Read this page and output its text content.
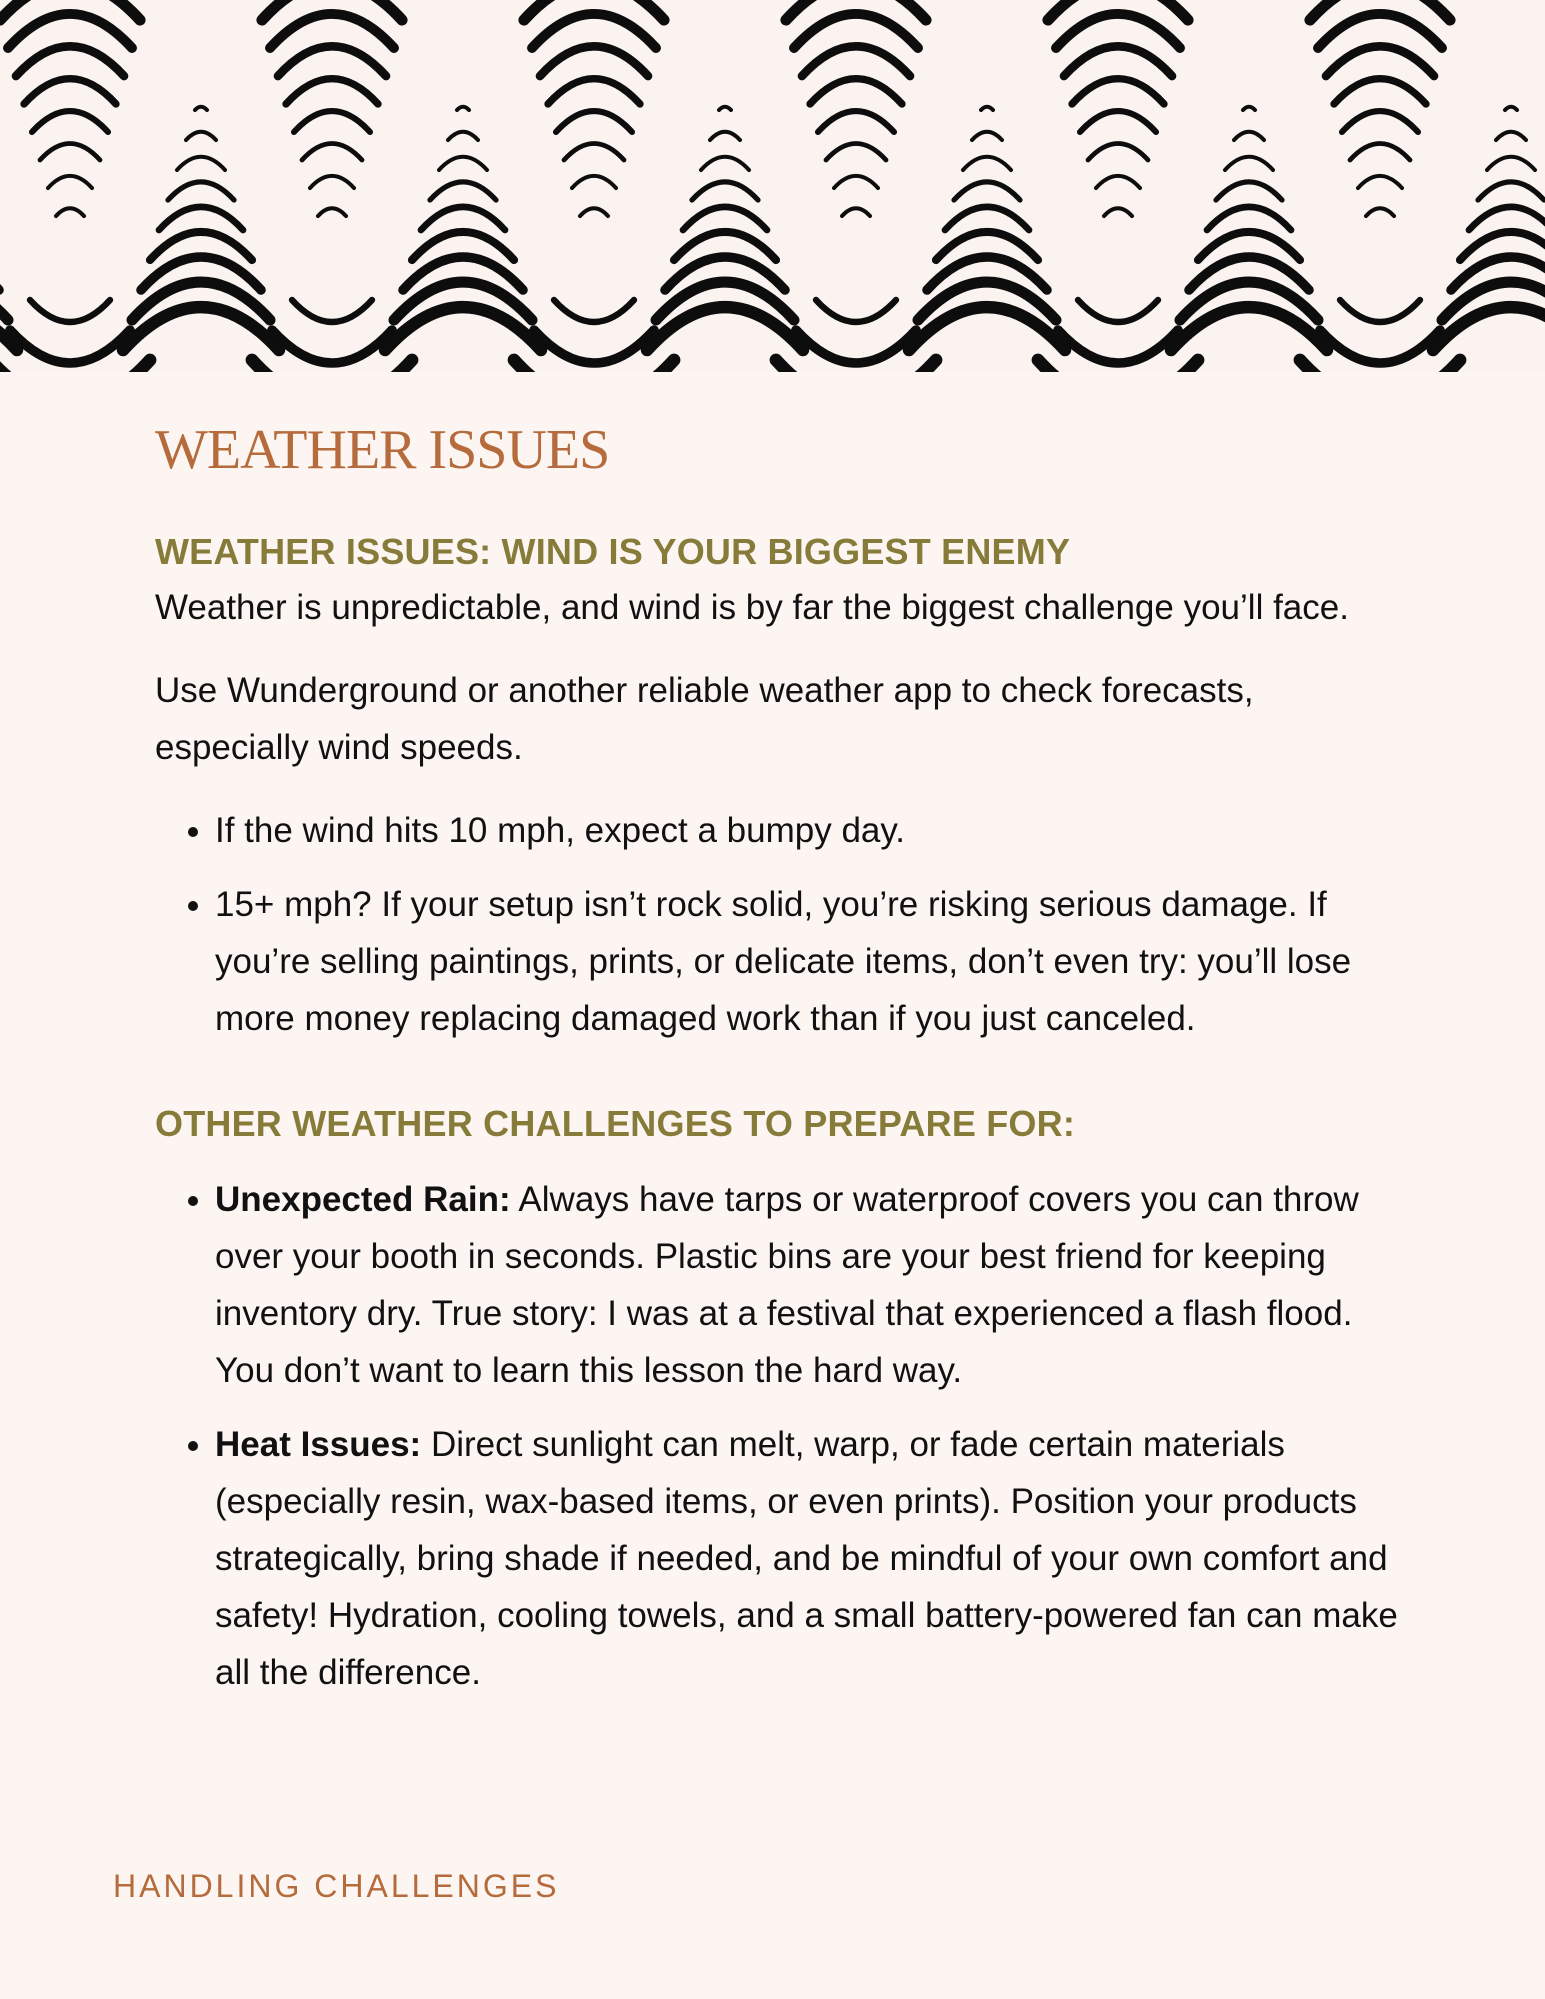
WEATHER ISSUES
WEATHER ISSUES: WIND IS YOUR BIGGEST ENEMY

Weather is unpredictable, and wind is by far the biggest challenge you’ll face.

Use Wunderground or another reliable weather app to check forecasts, especially wind speeds.

• If the wind hits 10 mph, expect a bumpy day.
• 15+ mph? If your setup isn’t rock solid, you’re risking serious damage. If you’re selling paintings, prints, or delicate items, don’t even try: you’ll lose more money replacing damaged work than if you just canceled.
OTHER WEATHER CHALLENGES TO PREPARE FOR:
• Unexpected Rain: Always have tarps or waterproof covers you can throw over your booth in seconds. Plastic bins are your best friend for keeping inventory dry. True story: I was at a festival that experienced a flash flood. You don’t want to learn this lesson the hard way.
• Heat Issues: Direct sunlight can melt, warp, or fade certain materials (especially resin, wax-based items, or even prints). Position your products strategically, bring shade if needed, and be mindful of your own comfort and safety! Hydration, cooling towels, and a small battery-powered fan can make all the difference.
HANDLING CHALLENGES
